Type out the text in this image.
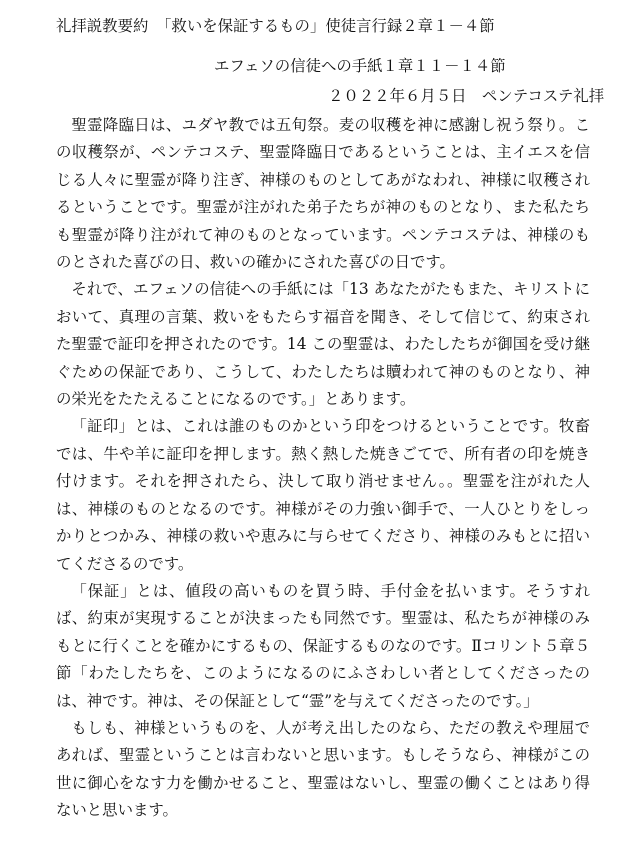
礼拝説教要約　「救いを保証するもの」使徒言行録２章１－４節
エフェソの信徒への手紙１章１１－１４節
２０２２年６月５日　ペンテコステ礼拝

聖霊降臨日は、ユダヤ教では五旬祭。麦の収穫を神に感謝し祝う祭り。この収穫祭が、ペンテコステ、聖霊降臨日であるということは、主イエスを信じる人々に聖霊が降り注ぎ、神様のものとしてあがなわれ、神様に収穫されるということです。聖霊が注がれた弟子たちが神のものとなり、また私たちも聖霊が降り注がれて神のものとなっています。ペンテコステは、神様のものとされた喜びの日、救いの確かにされた喜びの日です。

それで、エフェソの信徒への手紙には「13 あなたがたもまた、キリストにおいて、真理の言葉、救いをもたらす福音を聞き、そして信じて、約束された聖霊で証印を押されたのです。14 この聖霊は、わたしたちが御国を受け継ぐための保証であり、こうして、わたしたちは贖われて神のものとなり、神の栄光をたたえることになるのです。」とあります。

「証印」とは、これは誰のものかという印をつけるということです。牧畜では、牛や羊に証印を押します。熱く熱した焼きごてで、所有者の印を焼き付けます。それを押されたら、決して取り消せません。。聖霊を注がれた人は、神様のものとなるのです。神様がその力強い御手で、一人ひとりをしっかりとつかみ、神様の救いや恵みに与らせてくださり、神様のみもとに招いてくださるのです。

「保証」とは、値段の高いものを買う時、手付金を払います。そうすれば、約束が実現することが決まったも同然です。聖霊は、私たちが神様のみもとに行くことを確かにするもの、保証するものなのです。Ⅱコリント５章５節「わたしたちを、このようになるのにふさわしい者としてくださったのは、神です。神は、その保証として“霊”を与えてくださったのです。」

もしも、神様というものを、人が考え出したのなら、ただの教えや理屈であれば、聖霊ということは言わないと思います。もしそうなら、神様がこの世に御心をなす力を働かせること、聖霊はないし、聖霊の働くことはあり得ないと思います。
